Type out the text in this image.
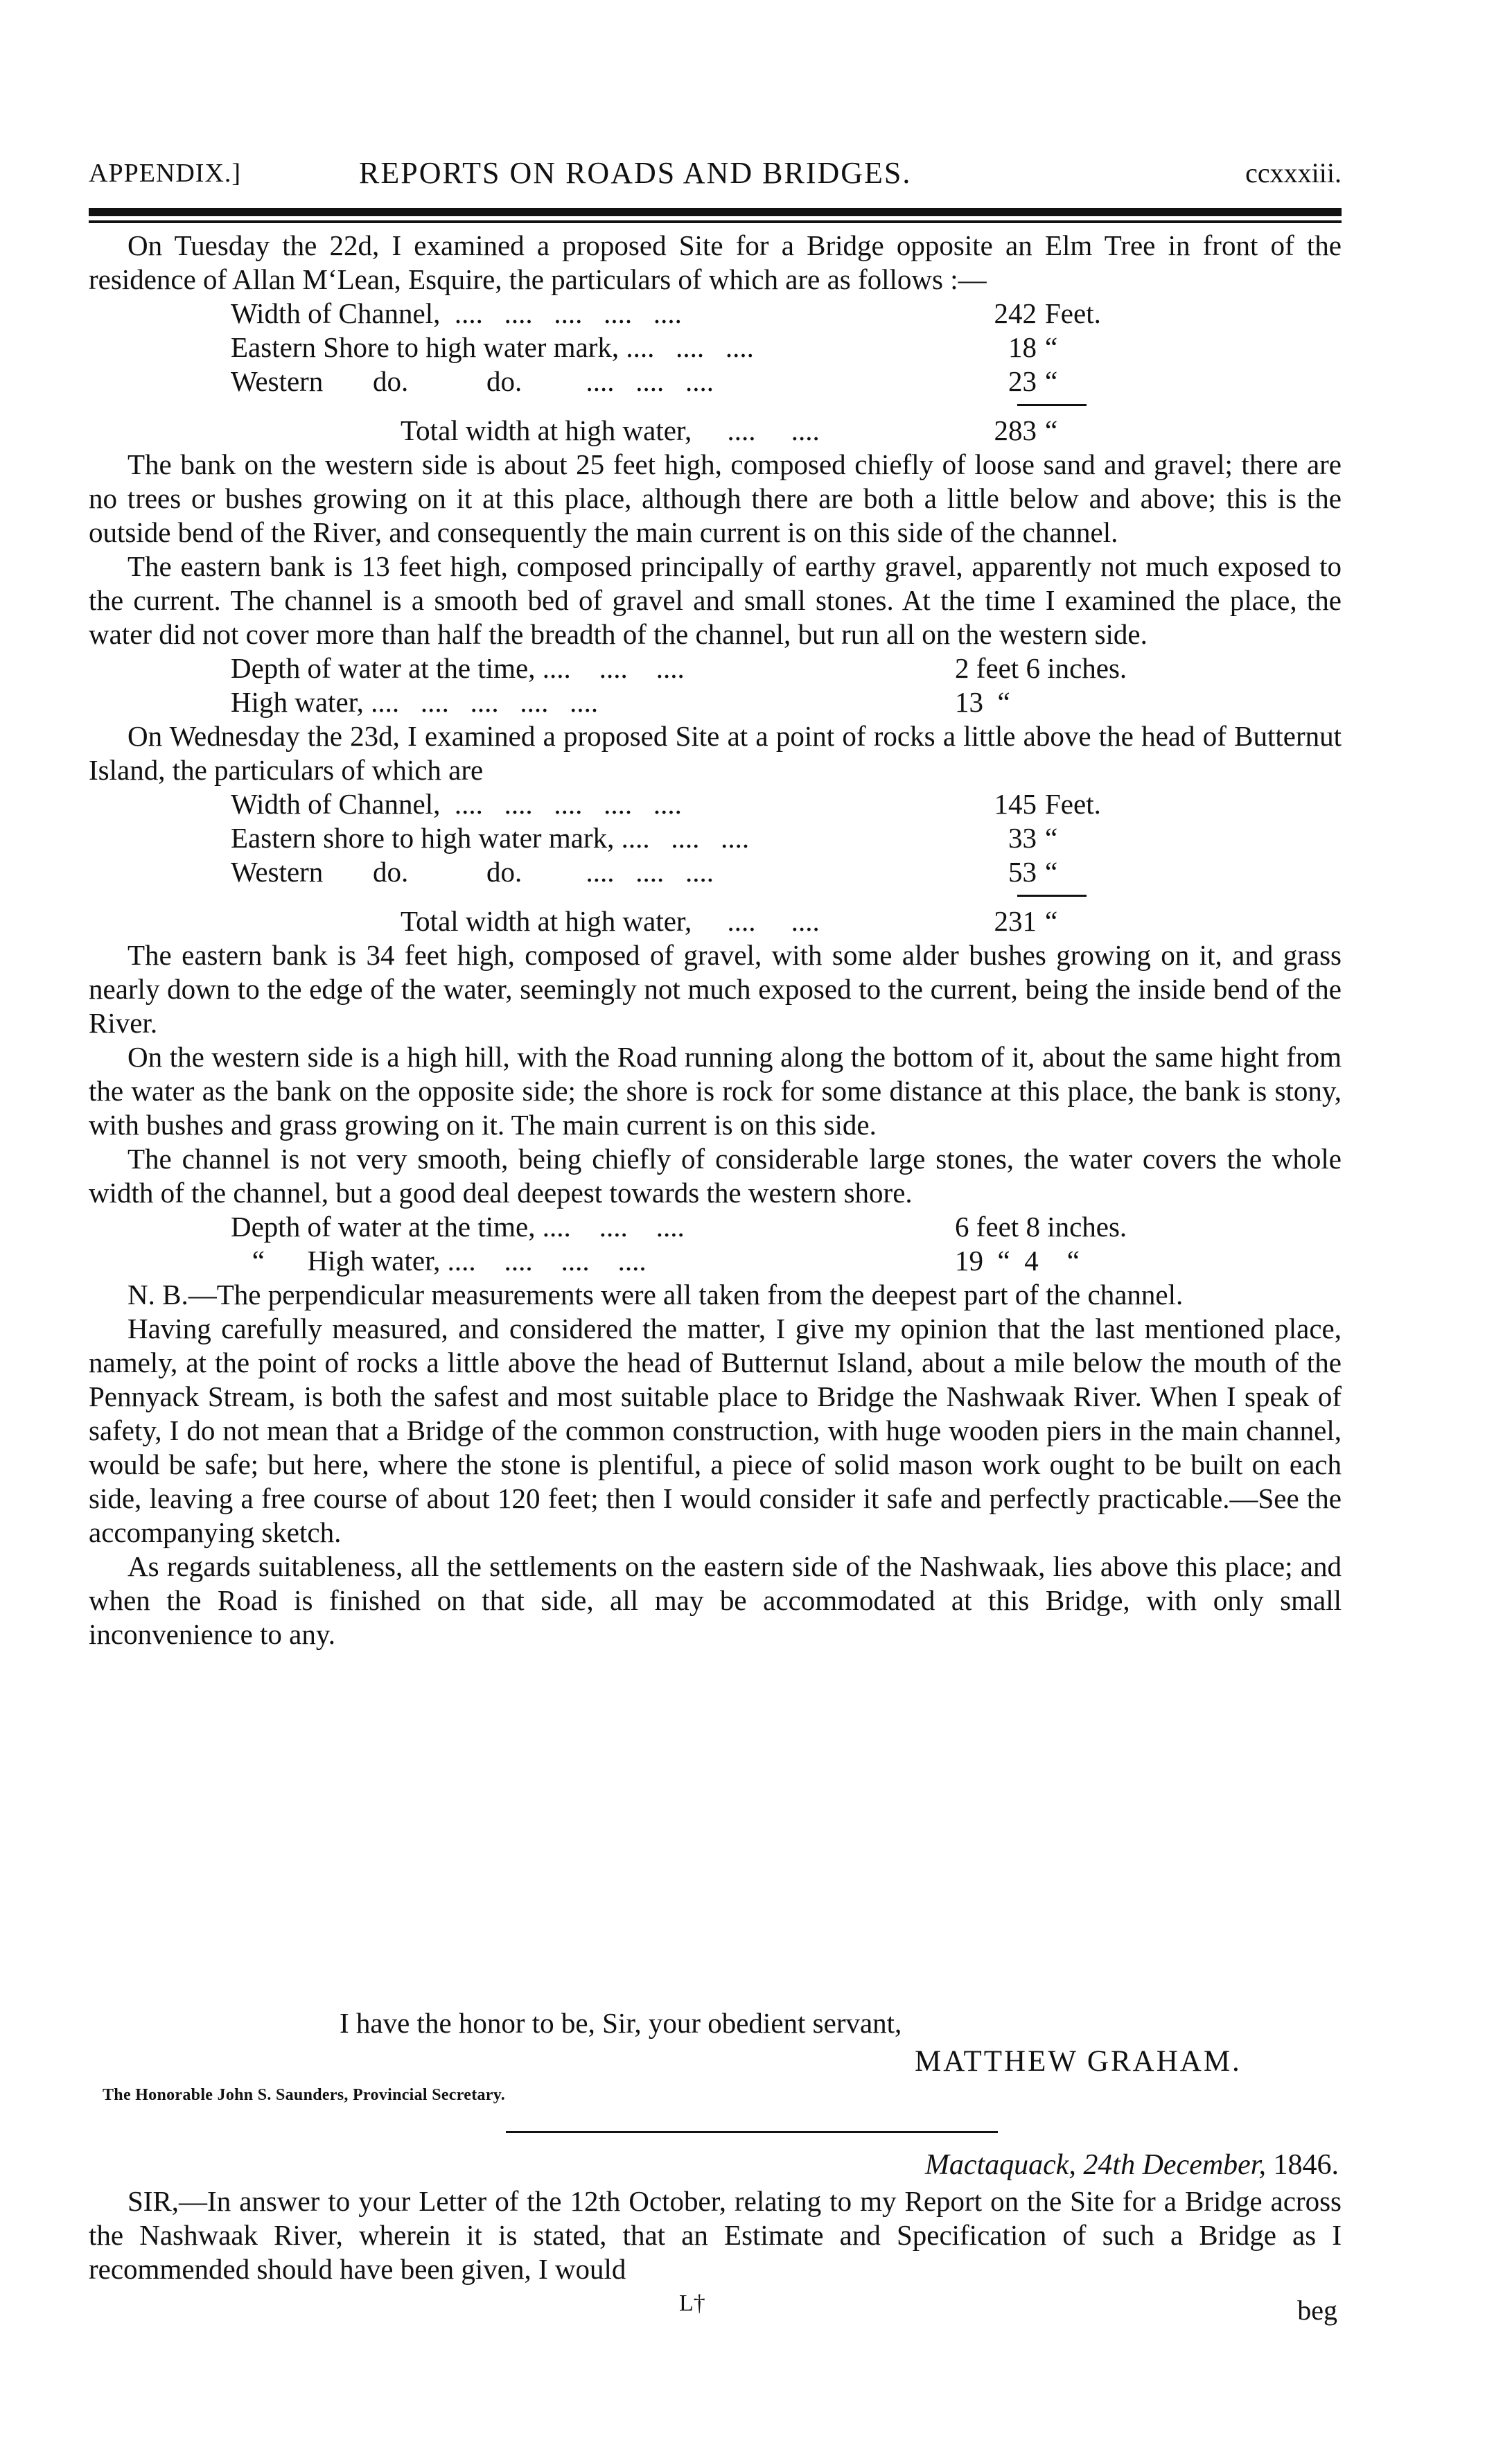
APPENDIX.]	REPORTS ON ROADS AND BRIDGES.	ccxxxiii.

On Tuesday the 22d, I examined a proposed Site for a Bridge opposite an Elm Tree in front of the residence of Allan M‘Lean, Esquire, the particulars of which are as follows :—

Width of Channel,  ....   ....   ....   ....   ....	242 Feet.
Eastern Shore to high water mark, ....   ....   ....	18 “
Western       do.           do.         ....   ....   ....	23 “
Total width at high water,     ....     ....	283 “

The bank on the western side is about 25 feet high, composed chiefly of loose sand and gravel; there are no trees or bushes growing on it at this place, although there are both a little below and above; this is the outside bend of the River, and consequently the main current is on this side of the channel.

The eastern bank is 13 feet high, composed principally of earthy gravel, apparently not much exposed to the current. The channel is a smooth bed of gravel and small stones. At the time I examined the place, the water did not cover more than half the breadth of the channel, but run all on the western side.

Depth of water at the time, ....    ....    ....	2 feet 6 inches.
High water, ....   ....   ....   ....   ....	13  “

On Wednesday the 23d, I examined a proposed Site at a point of rocks a little above the head of Butternut Island, the particulars of which are

Width of Channel,  ....   ....   ....   ....   ....	145 Feet.
Eastern shore to high water mark, ....   ....   ....	33 “
Western       do.           do.         ....   ....   ....	53 “
Total width at high water,     ....     ....	231 “

The eastern bank is 34 feet high, composed of gravel, with some alder bushes growing on it, and grass nearly down to the edge of the water, seemingly not much exposed to the current, being the inside bend of the River.

On the western side is a high hill, with the Road running along the bottom of it, about the same hight from the water as the bank on the opposite side; the shore is rock for some distance at this place, the bank is stony, with bushes and grass growing on it. The main current is on this side.

The channel is not very smooth, being chiefly of considerable large stones, the water covers the whole width of the channel, but a good deal deepest towards the western shore.

Depth of water at the time, ....    ....    ....	6 feet 8 inches.
“      High water, ....    ....    ....    ....	19  “  4    “

N. B.—The perpendicular measurements were all taken from the deepest part of the channel.

Having carefully measured, and considered the matter, I give my opinion that the last mentioned place, namely, at the point of rocks a little above the head of Butternut Island, about a mile below the mouth of the Pennyack Stream, is both the safest and most suitable place to Bridge the Nashwaak River. When I speak of safety, I do not mean that a Bridge of the common construction, with huge wooden piers in the main channel, would be safe; but here, where the stone is plentiful, a piece of solid mason work ought to be built on each side, leaving a free course of about 120 feet; then I would consider it safe and perfectly practicable.—See the accompanying sketch.

As regards suitableness, all the settlements on the eastern side of the Nashwaak, lies above this place; and when the Road is finished on that side, all may be accommodated at this Bridge, with only small inconvenience to any.

I have the honor to be, Sir, your obedient servant,
MATTHEW GRAHAM.
The Honorable John S. Saunders, Provincial Secretary.
Mactaquack, 24th December, 1846.

SIR,—In answer to your Letter of the 12th October, relating to my Report on the Site for a Bridge across the Nashwaak River, wherein it is stated, that an Estimate and Specification of such a Bridge as I recommended should have been given, I would

L†	beg
